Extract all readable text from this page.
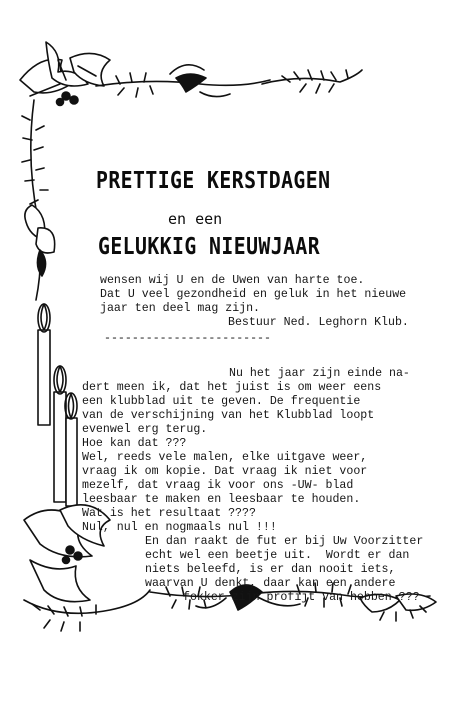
PRETTIGE KERSTDAGEN

en een

GELUKKIG NIEUWJAAR

wensen wij U en de Uwen van harte toe.

Dat U veel gezondheid en geluk in het nieuwe

jaar ten deel mag zijn.

Bestuur Ned. Leghorn Klub.

------------------------

Nu het jaar zijn einde na-

dert meen ik, dat het juist is om weer eens

een klubblad uit te geven. De frequentie

van de verschijning van het Klubblad loopt

evenwel erg terug.

Hoe kan dat ???

Wel, reeds vele malen, elke uitgave weer,

vraag ik om kopie. Dat vraag ik niet voor

mezelf, dat vraag ik voor ons -UW- blad

leesbaar te maken en leesbaar te houden.

Wat is het resultaat ????

Nul, nul en nogmaals nul !!!

En dan raakt de fut er bij Uw Voorzitter

echt wel een beetje uit.  Wordt er dan

niets beleefd, is er dan nooit iets,

waarvan U denkt, daar kan een andere

fokker zijn profijt van hebben ???
